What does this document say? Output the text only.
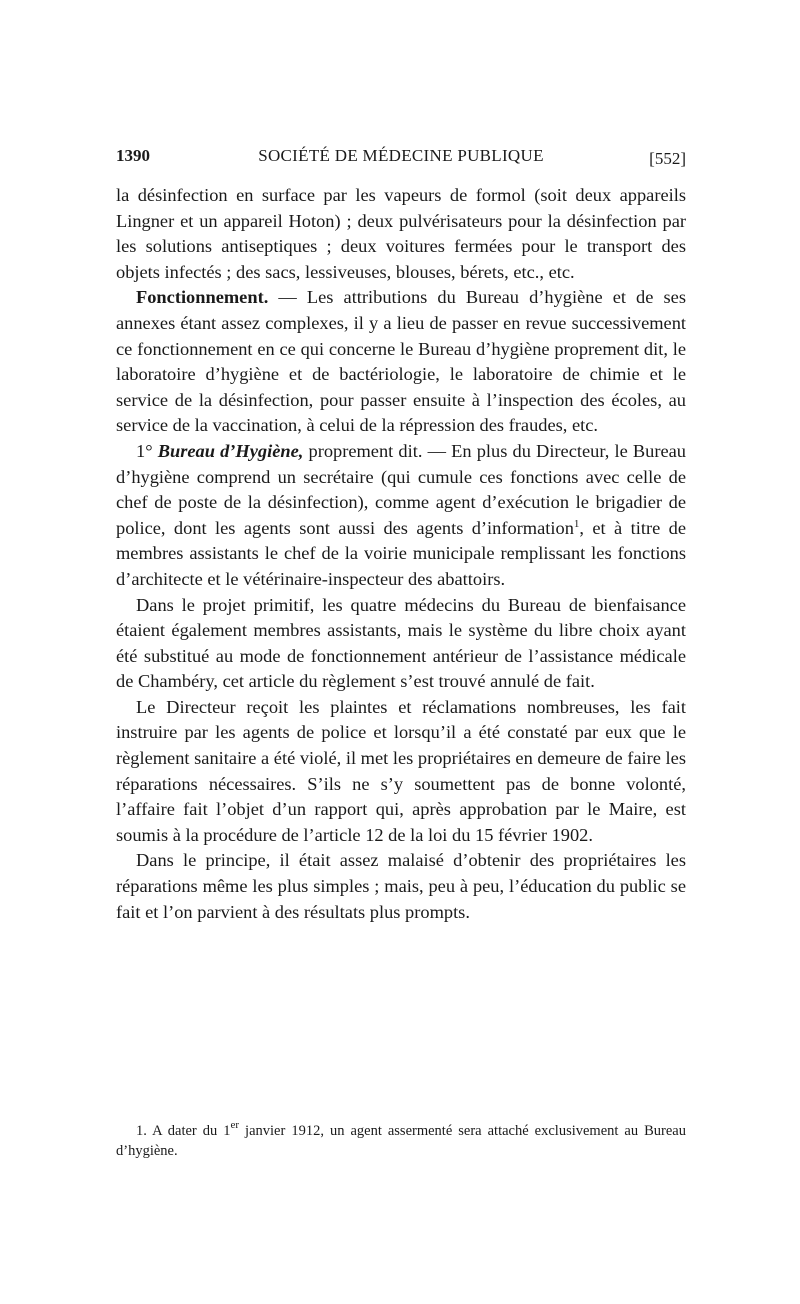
1390	SOCIÉTÉ DE MÉDECINE PUBLIQUE	[552]

la désinfection en surface par les vapeurs de formol (soit deux appareils Lingner et un appareil Hoton) ; deux pulvérisateurs pour la désinfection par les solutions antiseptiques ; deux voitures fermées pour le transport des objets infectés ; des sacs, lessiveuses, blouses, bérets, etc., etc.

Fonctionnement. — Les attributions du Bureau d’hygiène et de ses annexes étant assez complexes, il y a lieu de passer en revue successivement ce fonctionnement en ce qui concerne le Bureau d’hygiène proprement dit, le laboratoire d’hygiène et de bactériologie, le laboratoire de chimie et le service de la désinfection, pour passer ensuite à l’inspection des écoles, au service de la vaccination, à celui de la répression des fraudes, etc.

1° Bureau d’Hygiène, proprement dit. — En plus du Directeur, le Bureau d’hygiène comprend un secrétaire (qui cumule ces fonctions avec celle de chef de poste de la désinfection), comme agent d’exécution le brigadier de police, dont les agents sont aussi des agents d’information$^1$, et à titre de membres assistants le chef de la voirie municipale remplissant les fonctions d’architecte et le vétérinaire-inspecteur des abattoirs.

Dans le projet primitif, les quatre médecins du Bureau de bienfaisance étaient également membres assistants, mais le système du libre choix ayant été substitué au mode de fonctionnement antérieur de l’assistance médicale de Chambéry, cet article du règlement s’est trouvé annulé de fait.

Le Directeur reçoit les plaintes et réclamations nombreuses, les fait instruire par les agents de police et lorsqu’il a été constaté par eux que le règlement sanitaire a été violé, il met les propriétaires en demeure de faire les réparations nécessaires. S’ils ne s’y soumettent pas de bonne volonté, l’affaire fait l’objet d’un rapport qui, après approbation par le Maire, est soumis à la procédure de l’article 12 de la loi du 15 février 1902.

Dans le principe, il était assez malaisé d’obtenir des propriétaires les réparations même les plus simples ; mais, peu à peu, l’éducation du public se fait et l’on parvient à des résultats plus prompts.

1. A dater du 1er janvier 1912, un agent assermenté sera attaché exclusivement au Bureau d’hygiène.
